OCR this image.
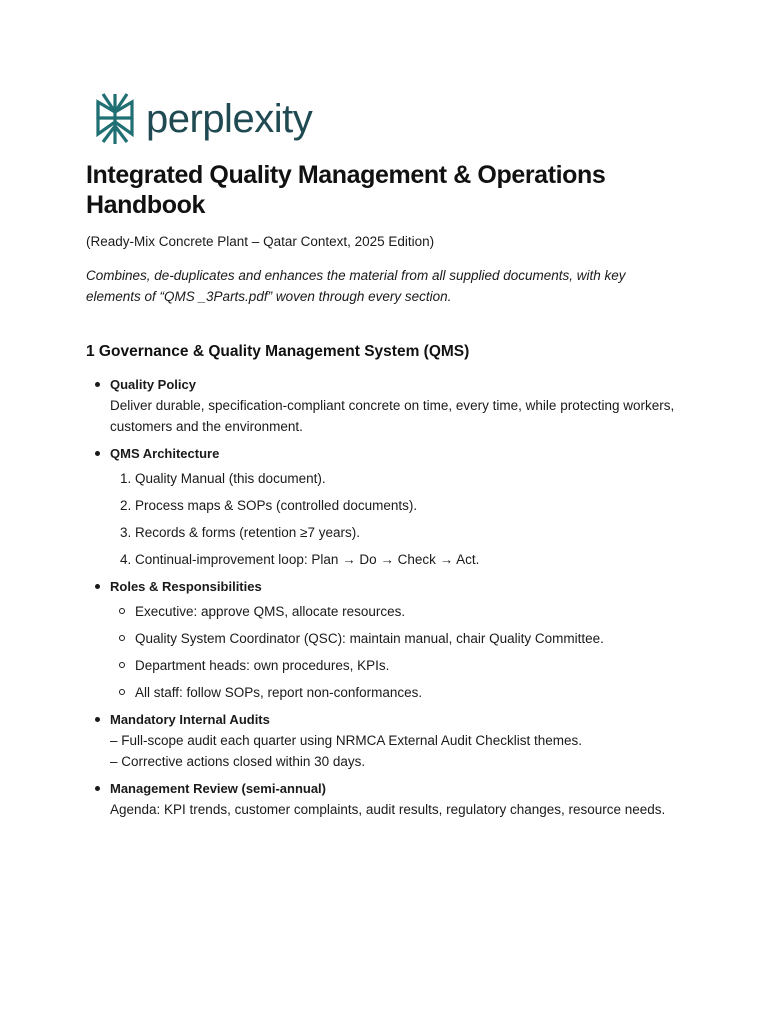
perplexity
Integrated Quality Management & Operations Handbook

(Ready-Mix Concrete Plant – Qatar Context, 2025 Edition)

Combines, de-duplicates and enhances the material from all supplied documents, with key elements of “QMS _3Parts.pdf” woven through every section.

1 Governance & Quality Management System (QMS)
Quality Policy
Deliver durable, specification-compliant concrete on time, every time, while protecting workers, customers and the environment.
QMS Architecture
1. Quality Manual (this document).
2. Process maps & SOPs (controlled documents).
3. Records & forms (retention ≥7 years).
4. Continual-improvement loop: Plan → Do → Check → Act.
Roles & Responsibilities
Executive: approve QMS, allocate resources.
Quality System Coordinator (QSC): maintain manual, chair Quality Committee.
Department heads: own procedures, KPIs.
All staff: follow SOPs, report non-conformances.
Mandatory Internal Audits
– Full-scope audit each quarter using NRMCA External Audit Checklist themes.
– Corrective actions closed within 30 days.
Management Review (semi-annual)
Agenda: KPI trends, customer complaints, audit results, regulatory changes, resource needs.
